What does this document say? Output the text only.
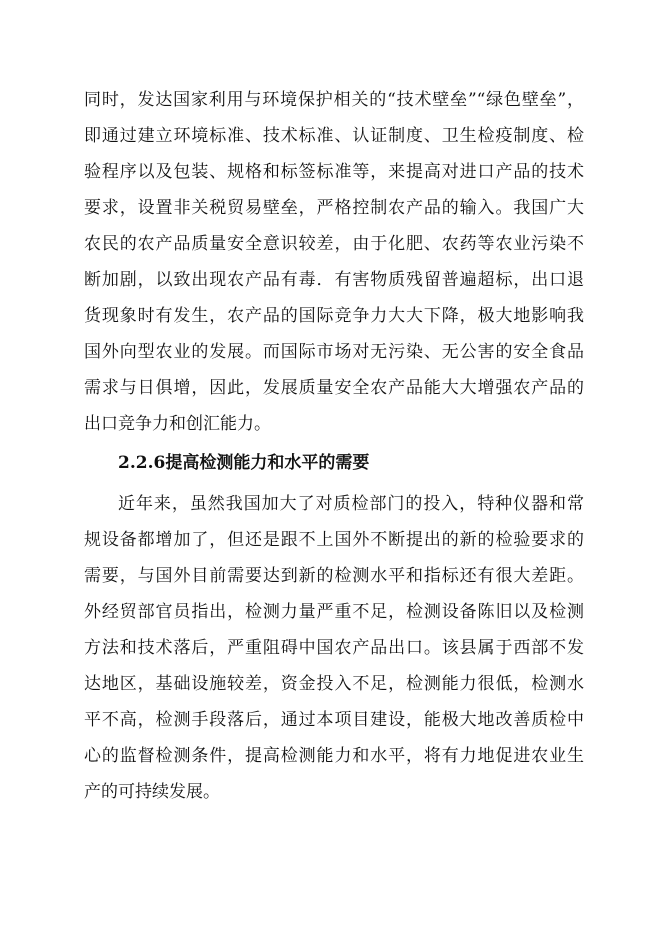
同时，发达国家利用与环境保护相关的“技术壁垒”“绿色壁垒”，
即通过建立环境标准、技术标准、认证制度、卫生检疫制度、检
验程序以及包装、规格和标签标准等，来提高对进口产品的技术
要求，设置非关税贸易壁垒，严格控制农产品的输入。我国广大
农民的农产品质量安全意识较差，由于化肥、农药等农业污染不
断加剧，以致出现农产品有毒．有害物质残留普遍超标，出口退
货现象时有发生，农产品的国际竞争力大大下降，极大地影响我
国外向型农业的发展。而国际市场对无污染、无公害的安全食品
需求与日俱增，因此，发展质量安全农产品能大大增强农产品的
出口竞争力和创汇能力。
2.2.6提高检测能力和水平的需要
近年来，虽然我国加大了对质检部门的投入，特种仪器和常
规设备都增加了，但还是跟不上国外不断提出的新的检验要求的
需要，与国外目前需要达到新的检测水平和指标还有很大差距。
外经贸部官员指出，检测力量严重不足，检测设备陈旧以及检测
方法和技术落后，严重阻碍中国农产品出口。该县属于西部不发
达地区，基础设施较差，资金投入不足，检测能力很低，检测水
平不高，检测手段落后，通过本项目建设，能极大地改善质检中
心的监督检测条件，提高检测能力和水平，将有力地促进农业生
产的可持续发展。
